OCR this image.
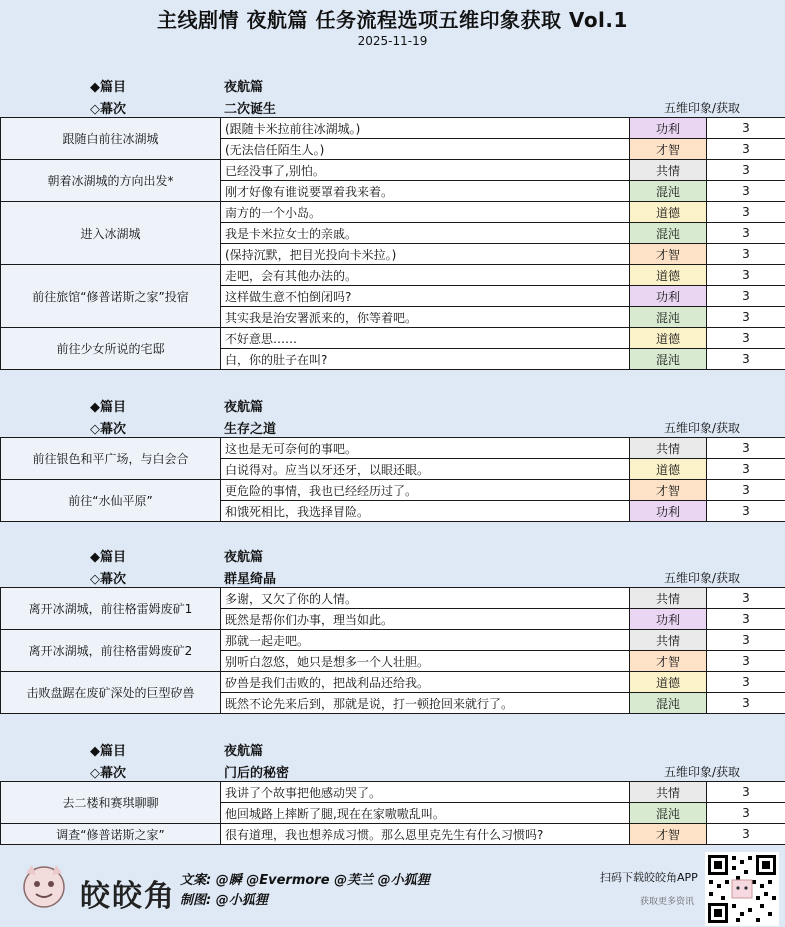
主线剧情 夜航篇 任务流程选项五维印象获取 Vol.1
2025-11-19
◆篇目	夜航篇
◇幕次	二次诞生	五维印象/获取
跟随白前往冰湖城	(跟随卡米拉前往冰湖城。)	功利	3
	(无法信任陌生人。)	才智	3
朝着冰湖城的方向出发*	已经没事了,别怕。	共情	3
	刚才好像有谁说要罩着我来着。	混沌	3
进入冰湖城	南方的一个小岛。	道德	3
	我是卡米拉女士的亲戚。	混沌	3
	(保持沉默，把目光投向卡米拉。)	才智	3
前往旅馆“修普诺斯之家”投宿	走吧，会有其他办法的。	道德	3
	这样做生意不怕倒闭吗?	功利	3
	其实我是治安署派来的，你等着吧。	混沌	3
前往少女所说的宅邸	不好意思……	道德	3
	白，你的肚子在叫?	混沌	3
◆篇目	夜航篇
◇幕次	生存之道	五维印象/获取
前往银色和平广场，与白会合	这也是无可奈何的事吧。	共情	3
	白说得对。应当以牙还牙，以眼还眼。	道德	3
前往“水仙平原”	更危险的事情，我也已经经历过了。	才智	3
	和饿死相比，我选择冒险。	功利	3
◆篇目	夜航篇
◇幕次	群星绮晶	五维印象/获取
离开冰湖城，前往格雷姆废矿1	多谢，又欠了你的人情。	共情	3
	既然是帮你们办事，理当如此。	功利	3
离开冰湖城，前往格雷姆废矿2	那就一起走吧。	共情	3
	别听白忽悠，她只是想多一个人壮胆。	才智	3
击败盘踞在废矿深处的巨型矽兽	矽兽是我们击败的，把战利品还给我。	道德	3
	既然不论先来后到，那就是说，打一顿抢回来就行了。	混沌	3
◆篇目	夜航篇
◇幕次	门后的秘密	五维印象/获取
去二楼和赛琪聊聊	我讲了个故事把他感动哭了。	共情	3
	他回城路上摔断了腿,现在在家嗷嗷乱叫。	混沌	3
调查“修普诺斯之家”	很有道理，我也想养成习惯。那么恩里克先生有什么习惯吗?	才智	3
皎皎角 文案: @瞬 @Evermore @芙兰 @小狐狸
制图: @小狐狸
扫码下载皎皎角APP
获取更多资讯
